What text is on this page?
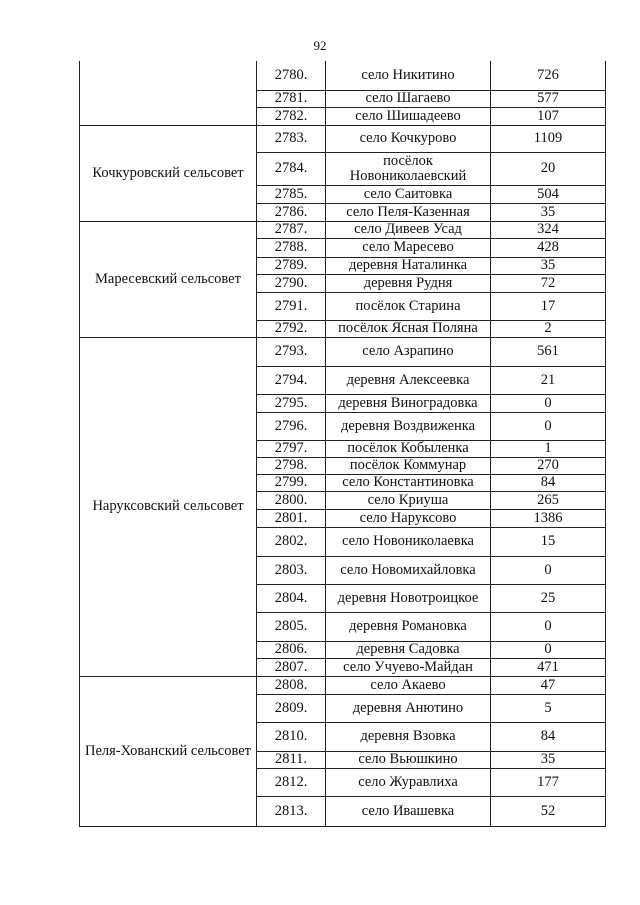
92
	2780.	село Никитино	726
	2781.	село Шагаево	577
	2782.	село Шишадеево	107
Кочкуровский сельсовет	2783.	село Кочкурово	1109
	2784.	посёлок Новониколаевский	20
	2785.	село Саитовка	504
	2786.	село Пеля-Казенная	35
Маресевский сельсовет	2787.	село Дивеев Усад	324
	2788.	село Маресево	428
	2789.	деревня Наталинка	35
	2790.	деревня Рудня	72
	2791.	посёлок Старина	17
	2792.	посёлок Ясная Поляна	2
Наруксовский сельсовет	2793.	село Азрапино	561
	2794.	деревня Алексеевка	21
	2795.	деревня Виноградовка	0
	2796.	деревня Воздвиженка	0
	2797.	посёлок Кобыленка	1
	2798.	посёлок Коммунар	270
	2799.	село Константиновка	84
	2800.	село Криуша	265
	2801.	село Наруксово	1386
	2802.	село Новониколаевка	15
	2803.	село Новомихайловка	0
	2804.	деревня Новотроицкое	25
	2805.	деревня Романовка	0
	2806.	деревня Садовка	0
	2807.	село Учуево-Майдан	471
Пеля-Хованский сельсовет	2808.	село Акаево	47
	2809.	деревня Анютино	5
	2810.	деревня Взовка	84
	2811.	село Вьюшкино	35
	2812.	село Журавлиха	177
	2813.	село Ивашевка	52
